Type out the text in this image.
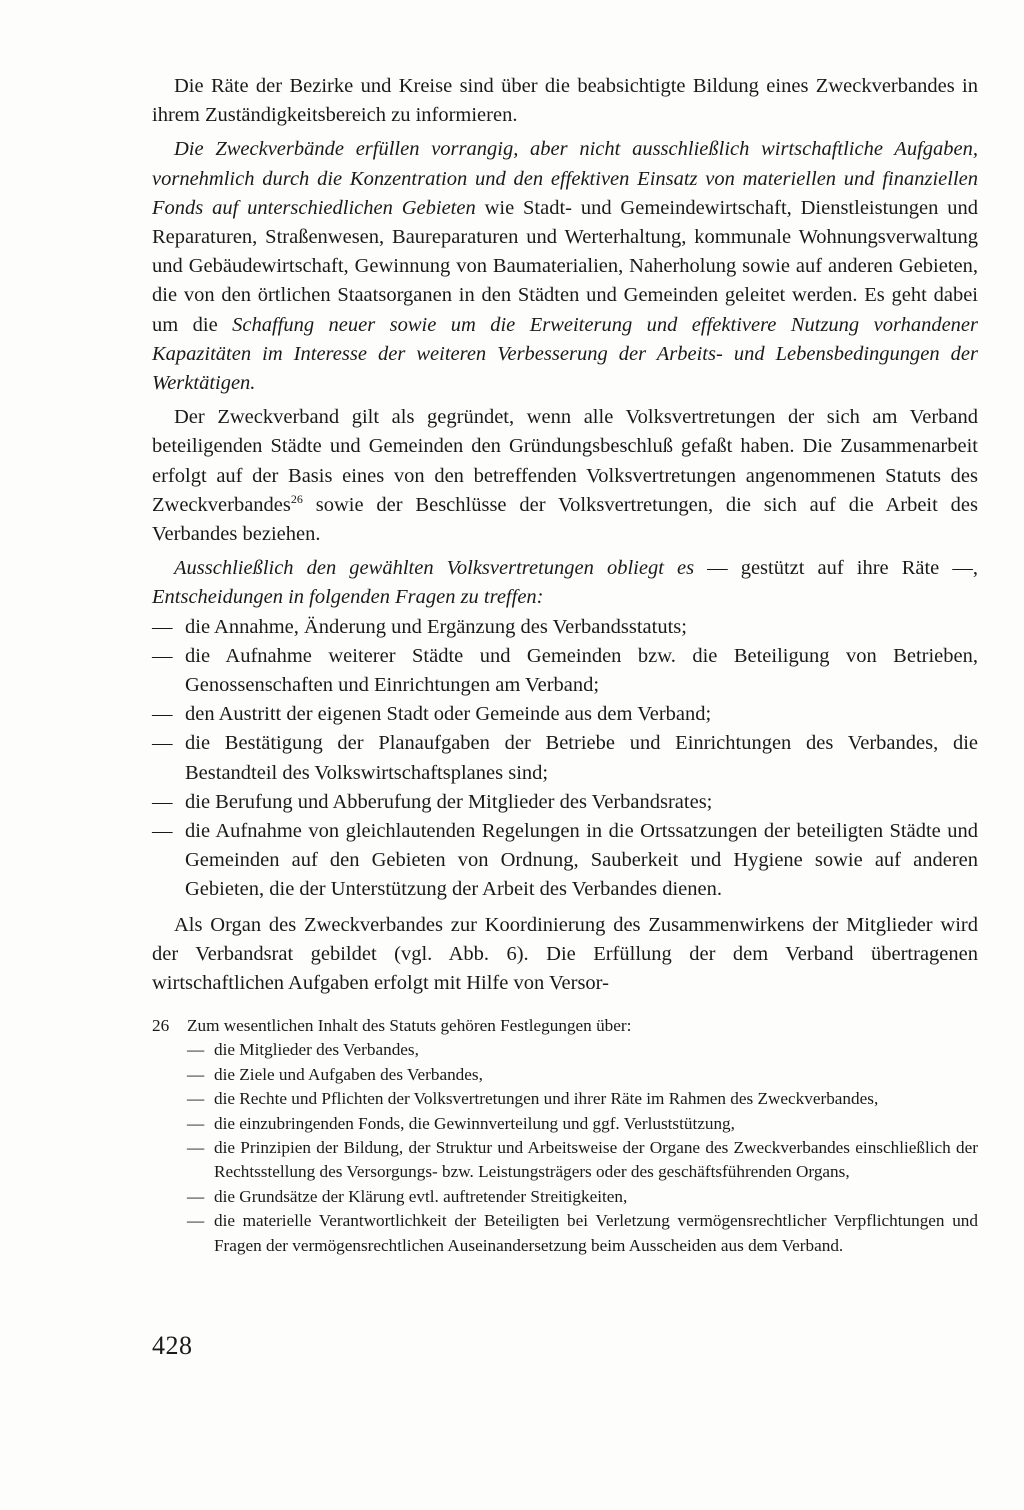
Die Räte der Bezirke und Kreise sind über die beabsichtigte Bildung eines Zweckverbandes in ihrem Zuständigkeitsbereich zu informieren.

Die Zweckverbände erfüllen vorrangig, aber nicht ausschließlich wirtschaftliche Aufgaben, vornehmlich durch die Konzentration und den effektiven Einsatz von materiellen und finanziellen Fonds auf unterschiedlichen Gebieten wie Stadt- und Gemeindewirtschaft, Dienstleistungen und Reparaturen, Straßenwesen, Baureparaturen und Werterhaltung, kommunale Wohnungsverwaltung und Gebäudewirtschaft, Gewinnung von Baumaterialien, Naherholung sowie auf anderen Gebieten, die von den örtlichen Staatsorganen in den Städten und Gemeinden geleitet werden. Es geht dabei um die Schaffung neuer sowie um die Erweiterung und effektivere Nutzung vorhandener Kapazitäten im Interesse der weiteren Verbesserung der Arbeits- und Lebensbedingungen der Werktätigen.

Der Zweckverband gilt als gegründet, wenn alle Volksvertretungen der sich am Verband beteiligenden Städte und Gemeinden den Gründungsbeschluß gefaßt haben. Die Zusammenarbeit erfolgt auf der Basis eines von den betreffenden Volksvertretungen angenommenen Statuts des Zweckverbandes$^{26}$ sowie der Beschlüsse der Volksvertretungen, die sich auf die Arbeit des Verbandes beziehen.

Ausschließlich den gewählten Volksvertretungen obliegt es — gestützt auf ihre Räte —, Entscheidungen in folgenden Fragen zu treffen:

— die Annahme, Änderung und Ergänzung des Verbandsstatuts;
— die Aufnahme weiterer Städte und Gemeinden bzw. die Beteiligung von Betrieben, Genossenschaften und Einrichtungen am Verband;
— den Austritt der eigenen Stadt oder Gemeinde aus dem Verband;
— die Bestätigung der Planaufgaben der Betriebe und Einrichtungen des Verbandes, die Bestandteil des Volkswirtschaftsplanes sind;
— die Berufung und Abberufung der Mitglieder des Verbandsrates;
— die Aufnahme von gleichlautenden Regelungen in die Ortssatzungen der beteiligten Städte und Gemeinden auf den Gebieten von Ordnung, Sauberkeit und Hygiene sowie auf anderen Gebieten, die der Unterstützung der Arbeit des Verbandes dienen.

Als Organ des Zweckverbandes zur Koordinierung des Zusammenwirkens der Mitglieder wird der Verbandsrat gebildet (vgl. Abb. 6). Die Erfüllung der dem Verband übertragenen wirtschaftlichen Aufgaben erfolgt mit Hilfe von Versor-

26 Zum wesentlichen Inhalt des Statuts gehören Festlegungen über:
— die Mitglieder des Verbandes,
— die Ziele und Aufgaben des Verbandes,
— die Rechte und Pflichten der Volksvertretungen und ihrer Räte im Rahmen des Zweckverbandes,
— die einzubringenden Fonds, die Gewinnverteilung und ggf. Verluststützung,
— die Prinzipien der Bildung, der Struktur und Arbeitsweise der Organe des Zweckverbandes einschließlich der Rechtsstellung des Versorgungs- bzw. Leistungsträgers oder des geschäftsführenden Organs,
— die Grundsätze der Klärung evtl. auftretender Streitigkeiten,
— die materielle Verantwortlichkeit der Beteiligten bei Verletzung vermögensrechtlicher Verpflichtungen und Fragen der vermögensrechtlichen Auseinandersetzung beim Ausscheiden aus dem Verband.
428
